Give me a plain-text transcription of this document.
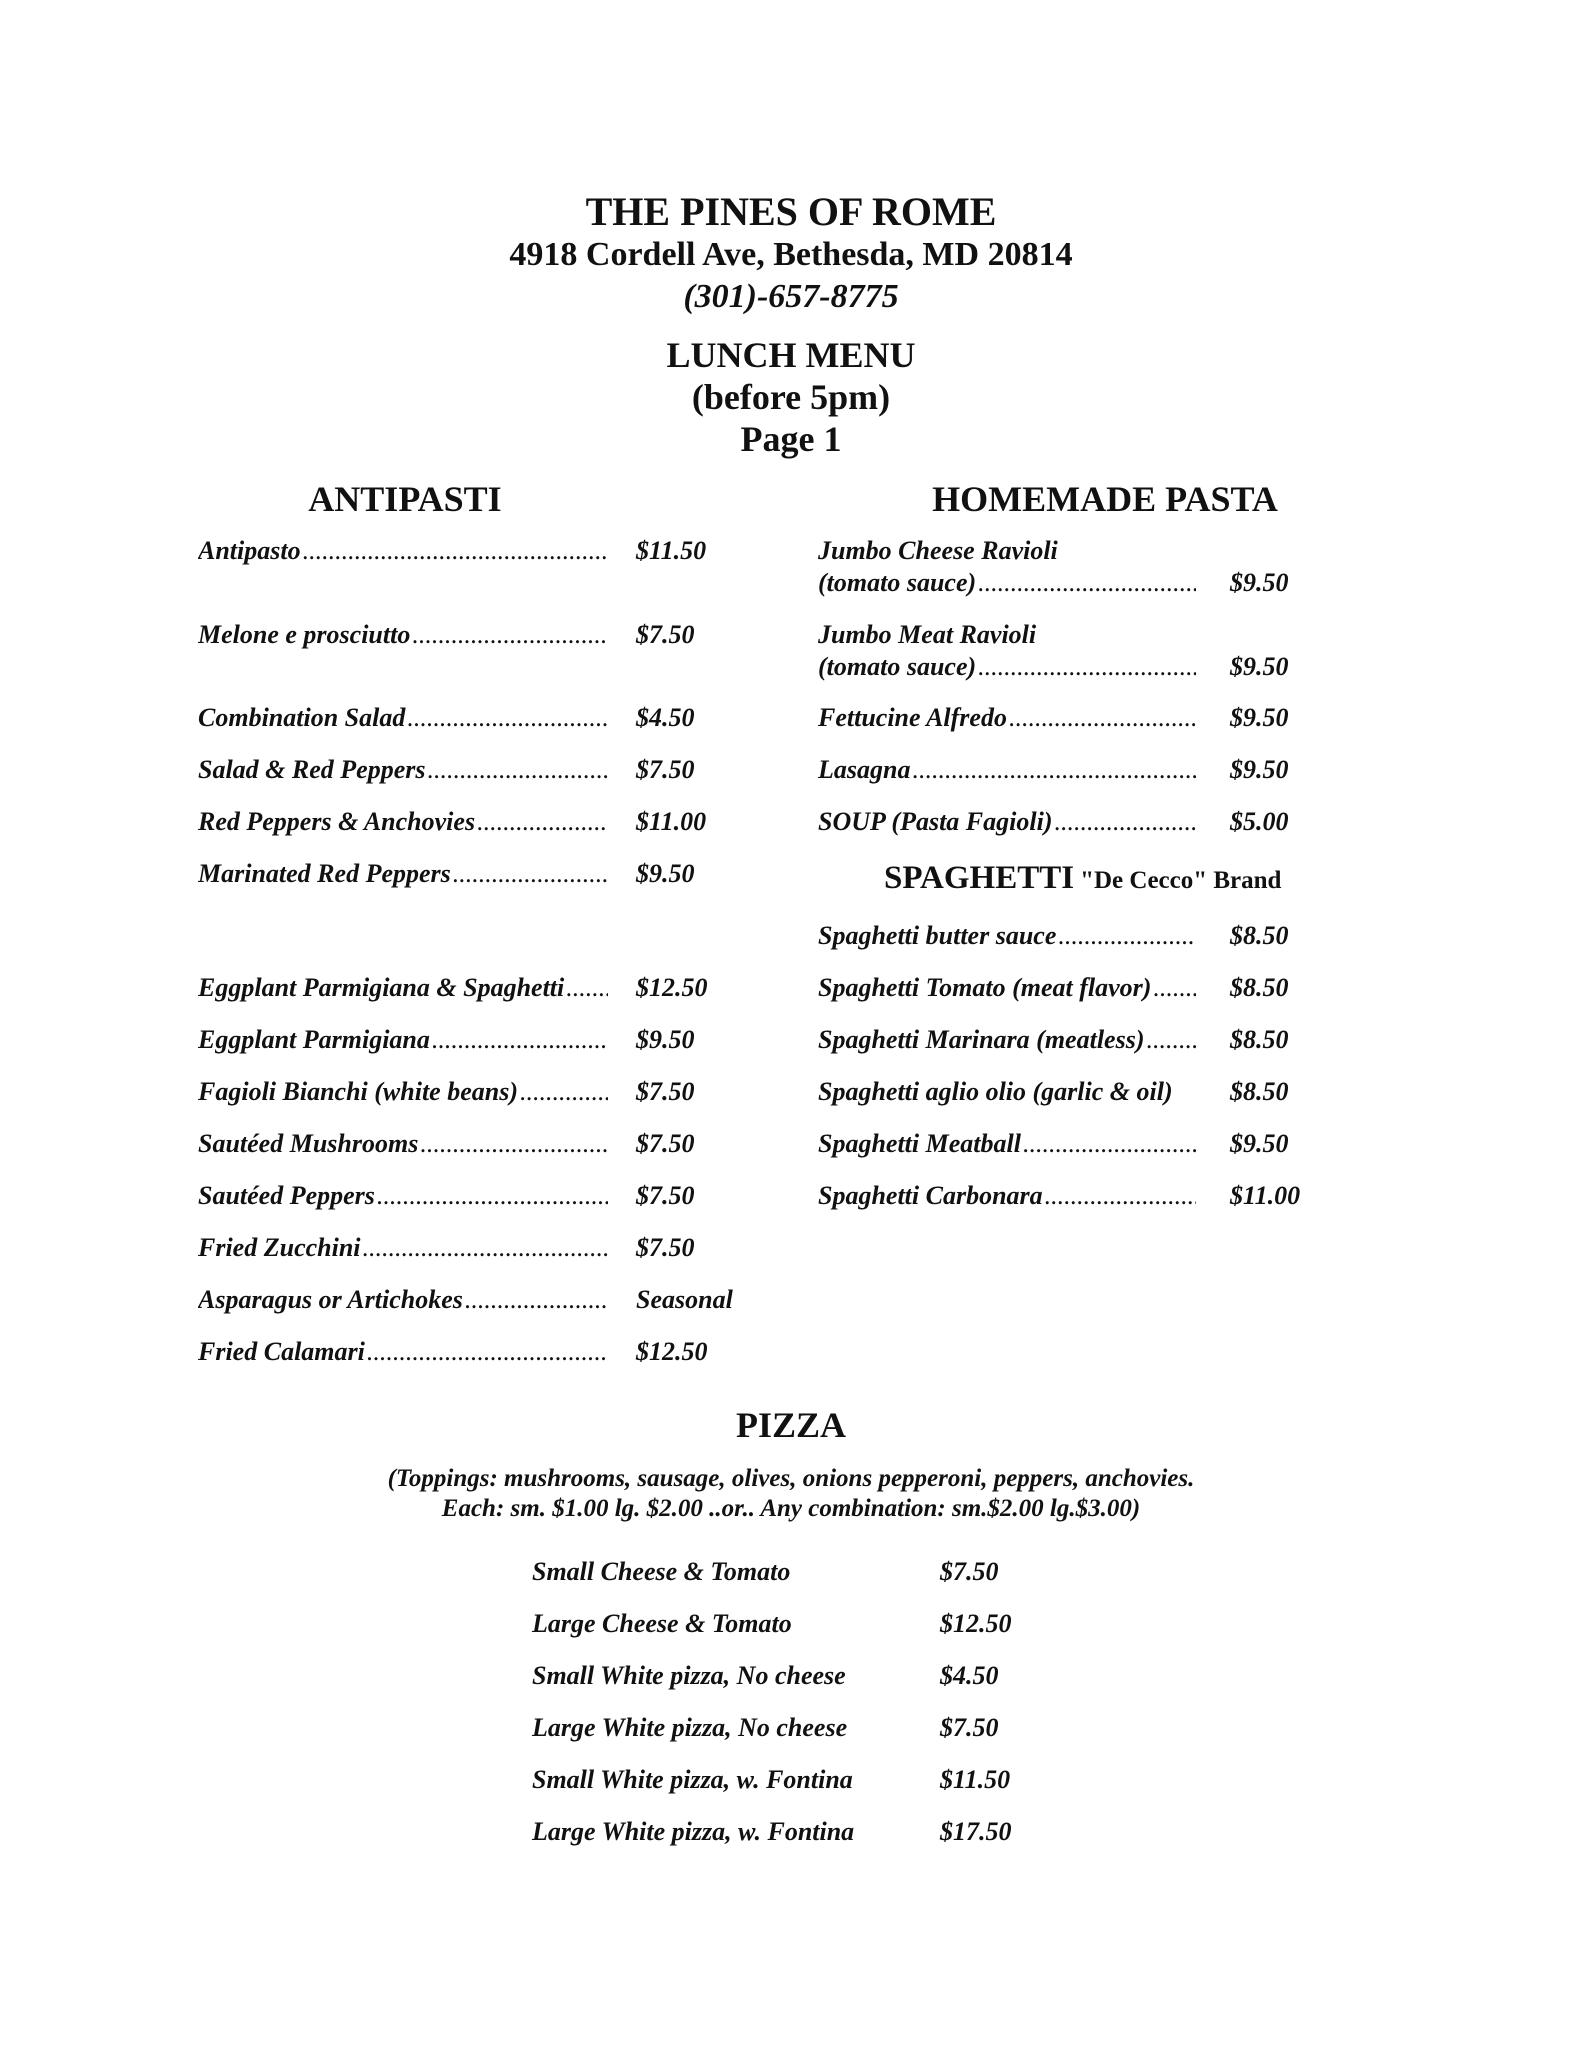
THE PINES OF ROME
4918 Cordell Ave, Bethesda, MD 20814
(301)-657-8775
LUNCH MENU
(before 5pm)
Page 1
ANTIPASTI
Antipasto .....	$11.50
Melone e prosciutto .....	$7.50
Combination Salad .....	$4.50
Salad & Red Peppers .....	$7.50
Red Peppers & Anchovies .....	$11.00
Marinated Red Peppers .....	$9.50
Eggplant Parmigiana & Spaghetti .....	$12.50
Eggplant Parmigiana .....	$9.50
Fagioli Bianchi (white beans) .....	$7.50
Sautéed Mushrooms .....	$7.50
Sautéed Peppers .....	$7.50
Fried Zucchini .....	$7.50
Asparagus or Artichokes .....	Seasonal
Fried Calamari .....	$12.50
HOMEMADE PASTA
Jumbo Cheese Ravioli
(tomato sauce) .....	$9.50
Jumbo Meat Ravioli
(tomato sauce) .....	$9.50
Fettucine Alfredo .....	$9.50
Lasagna .....	$9.50
SOUP (Pasta Fagioli) .....	$5.00
SPAGHETTI "De Cecco" Brand
Spaghetti butter sauce .....	$8.50
Spaghetti Tomato (meat flavor) .....	$8.50
Spaghetti Marinara (meatless) .....	$8.50
Spaghetti aglio olio (garlic & oil)	$8.50
Spaghetti Meatball .....	$9.50
Spaghetti Carbonara .....	$11.00
PIZZA
(Toppings: mushrooms, sausage, olives, onions pepperoni, peppers, anchovies.
Each: sm. $1.00 lg. $2.00 ..or.. Any combination: sm.$2.00 lg.$3.00)
Small Cheese & Tomato	$7.50
Large Cheese & Tomato	$12.50
Small White pizza, No cheese	$4.50
Large White pizza, No cheese	$7.50
Small White pizza, w. Fontina	$11.50
Large White pizza, w. Fontina	$17.50
